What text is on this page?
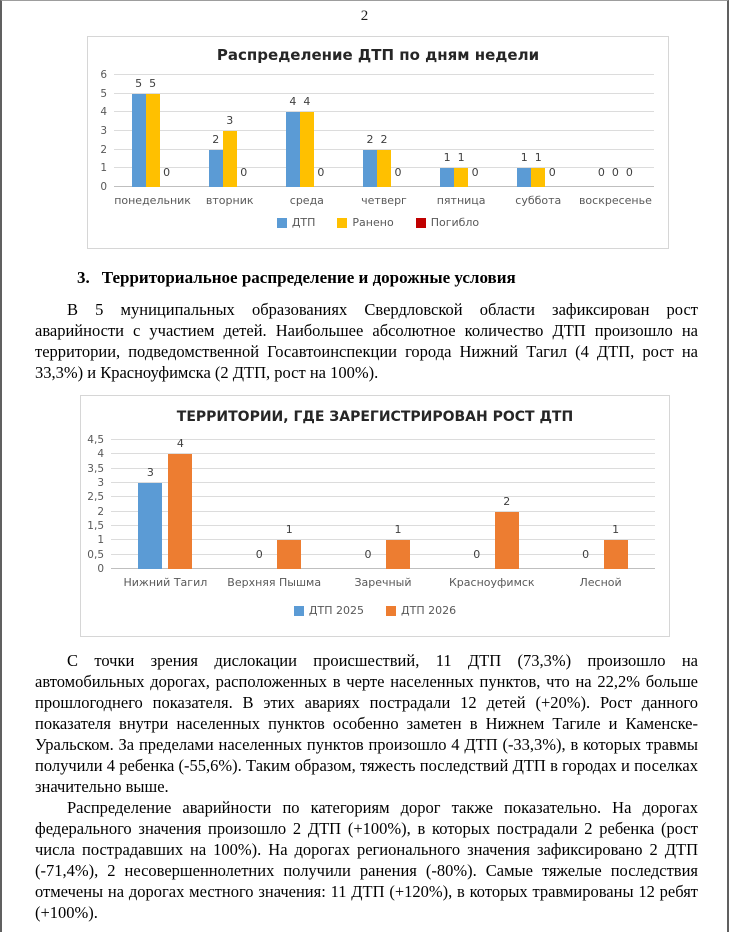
2
Распределение ДТП по дням недели
0
1
2
3
4
5
6
5 5
0
2
3
0
4 4
0
2 2
0
1 1
0
1 1
0	0 0 0
понедельник	вторник	среда	четверг	пятница	суббота	воскресенье
ДТП	Ранено	Погибло
3. Территориальное распределение и дорожные условия

В 5 муниципальных образованиях Свердловской области зафиксирован рост аварийности с участием детей. Наибольшее абсолютное количество ДТП произошло на территории, подведомственной Госавтоинспекции города Нижний Тагил (4 ДТП, рост на 33,3%) и Красноуфимска (2 ДТП, рост на 100%).

ТЕРРИТОРИИ, ГДЕ ЗАРЕГИСТРИРОВАН РОСТ ДТП
0
0,5
1
1,5
2
2,5
3
3,5
4
4,5
3
4
0
1
0
1
0
2
0
1
Нижний Тагил	Верхняя Пышма	Заречный	Красноуфимск	Лесной
ДТП 2025	ДТП 2026

С точки зрения дислокации происшествий, 11 ДТП (73,3%) произошло на автомобильных дорогах, расположенных в черте населенных пунктов, что на 22,2% больше прошлогоднего показателя. В этих авариях пострадали 12 детей (+20%). Рост данного показателя внутри населенных пунктов особенно заметен в Нижнем Тагиле и Каменске-Уральском. За пределами населенных пунктов произошло 4 ДТП (-33,3%), в которых травмы получили 4 ребенка (-55,6%). Таким образом, тяжесть последствий ДТП в городах и поселках значительно выше.

Распределение аварийности по категориям дорог также показательно. На дорогах федерального значения произошло 2 ДТП (+100%), в которых пострадали 2 ребенка (рост числа пострадавших на 100%). На дорогах регионального значения зафиксировано 2 ДТП (-71,4%), 2 несовершеннолетних получили ранения (-80%). Самые тяжелые последствия отмечены на дорогах местного значения: 11 ДТП (+120%), в которых травмированы 12 ребят (+100%).
